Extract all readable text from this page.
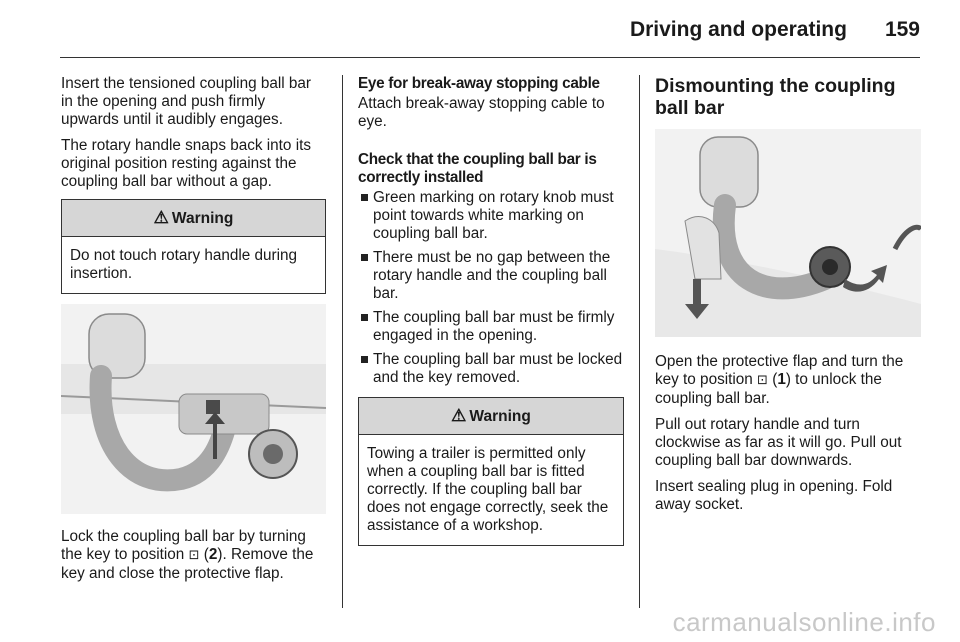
Driving and operating 159

Insert the tensioned coupling ball bar in the opening and push firmly upwards until it audibly engages.

The rotary handle snaps back into its original position resting against the coupling ball bar without a gap.

⚠ Warning
Do not touch rotary handle during insertion.

Lock the coupling ball bar by turning the key to position ⊡ (2). Remove the key and close the protective flap.

Eye for break-away stopping cable

Attach break-away stopping cable to eye.

Check that the coupling ball bar is correctly installed
Green marking on rotary knob must point towards white marking on coupling ball bar.
There must be no gap between the rotary handle and the coupling ball bar.
The coupling ball bar must be firmly engaged in the opening.
The coupling ball bar must be locked and the key removed.
⚠ Warning
Towing a trailer is permitted only when a coupling ball bar is fitted correctly. If the coupling ball bar does not engage correctly, seek the assistance of a workshop.
Dismounting the coupling ball bar

Open the protective flap and turn the key to position ⊡ (1) to unlock the coupling ball bar.

Pull out rotary handle and turn clockwise as far as it will go. Pull out coupling ball bar downwards.

Insert sealing plug in opening. Fold away socket.

carmanualsonline.info
